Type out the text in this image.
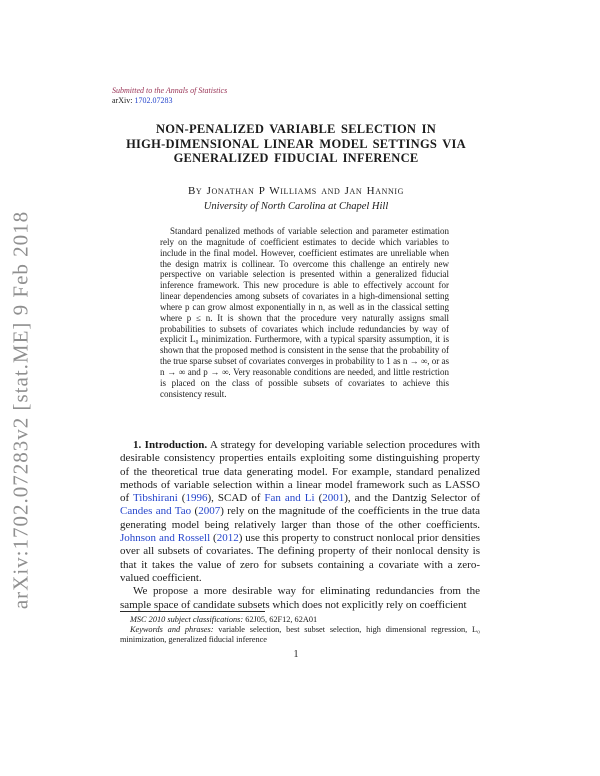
arXiv:1702.07283v2 [stat.ME] 9 Feb 2018
Submitted to the Annals of Statistics
arXiv: 1702.07283
NON-PENALIZED VARIABLE SELECTION IN
HIGH-DIMENSIONAL LINEAR MODEL SETTINGS VIA
GENERALIZED FIDUCIAL INFERENCE
By Jonathan P Williams and Jan Hannig
University of North Carolina at Chapel Hill
Standard penalized methods of variable selection and parameter estimation rely on the magnitude of coefficient estimates to decide which variables to include in the final model. However, coefficient estimates are unreliable when the design matrix is collinear. To overcome this challenge an entirely new perspective on variable selection is presented within a generalized fiducial inference framework. This new procedure is able to effectively account for linear dependencies among subsets of covariates in a high-dimensional setting where p can grow almost exponentially in n, as well as in the classical setting where p ≤ n. It is shown that the procedure very naturally assigns small probabilities to subsets of covariates which include redundancies by way of explicit L₀ minimization. Furthermore, with a typical sparsity assumption, it is shown that the proposed method is consistent in the sense that the probability of the true sparse subset of covariates converges in probability to 1 as n → ∞, or as n → ∞ and p → ∞. Very reasonable conditions are needed, and little restriction is placed on the class of possible subsets of covariates to achieve this consistency result.

1. Introduction. A strategy for developing variable selection procedures with desirable consistency properties entails exploiting some distinguishing property of the theoretical true data generating model. For example, standard penalized methods of variable selection within a linear model framework such as LASSO of Tibshirani (1996), SCAD of Fan and Li (2001), and the Dantzig Selector of Candes and Tao (2007) rely on the magnitude of the coefficients in the true data generating model being relatively larger than those of the other coefficients. Johnson and Rossell (2012) use this property to construct nonlocal prior densities over all subsets of covariates. The defining property of their nonlocal density is that it takes the value of zero for subsets containing a covariate with a zero-valued coefficient.

We propose a more desirable way for eliminating redundancies from the sample space of candidate subsets which does not explicitly rely on coefficient

MSC 2010 subject classifications: 62J05, 62F12, 62A01

Keywords and phrases: variable selection, best subset selection, high dimensional regression, L₀ minimization, generalized fiducial inference

1
